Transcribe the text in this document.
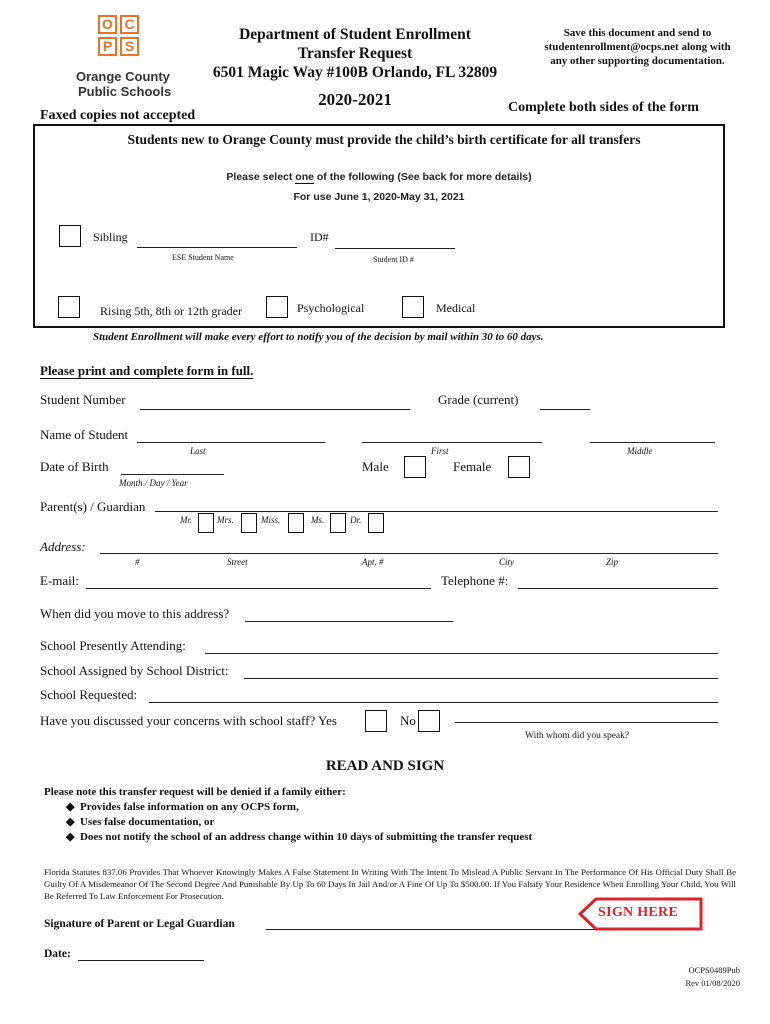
O C
P S
Orange County
Public Schools
Department of Student Enrollment
Transfer Request
6501 Magic Way #100B Orlando, FL 32809
2020-2021
Save this document and send to studentenrollment@ocps.net along with any other supporting documentation.
Complete both sides of the form
Faxed copies not accepted
Students new to Orange County must provide the child’s birth certificate for all transfers
Please select one of the following (See back for more details)
For use June 1, 2020-May 31, 2021
Sibling	ID#
ESE Student Name	Student ID #
Rising 5th, 8th or 12th grader	Psychological	Medical
Student Enrollment will make every effort to notify you of the decision by mail within 30 to 60 days.
Please print and complete form in full.
Student Number	Grade (current)
Name of Student
Last	First	Middle
Date of Birth
Month / Day / Year
Male	Female
Parent(s) / Guardian
Mr.	Mrs.	Miss.	Ms.	Dr.
Address:
#	Street	Apt. #	City	Zip
E-mail:	Telephone #:
When did you move to this address?
School Presently Attending:
School Assigned by School District:
School Requested:
Have you discussed your concerns with school staff? Yes	No
With whom did you speak?
READ AND SIGN
Please note this transfer request will be denied if a family either:
◆ Provides false information on any OCPS form,
◆ Uses false documentation, or
◆ Does not notify the school of an address change within 10 days of submitting the transfer request
Florida Statutes 837.06 Provides That Whoever Knowingly Makes A False Statement In Writing With The Intent To Mislead A Public Servant In The Performance Of His Official Duty Shall Be Guilty Of A Misdemeanor Of The Second Degree And Punishable By Up To 60 Days In Jail And/or A Fine Of Up To $500.00. If You Falsify Your Residence When Enrolling Your Child, You Will Be Referred To Law Enforcement For Prosecution.
Signature of Parent or Legal Guardian
SIGN HERE
Date:
OCPS0489Pub
Rev 01/08/2020
